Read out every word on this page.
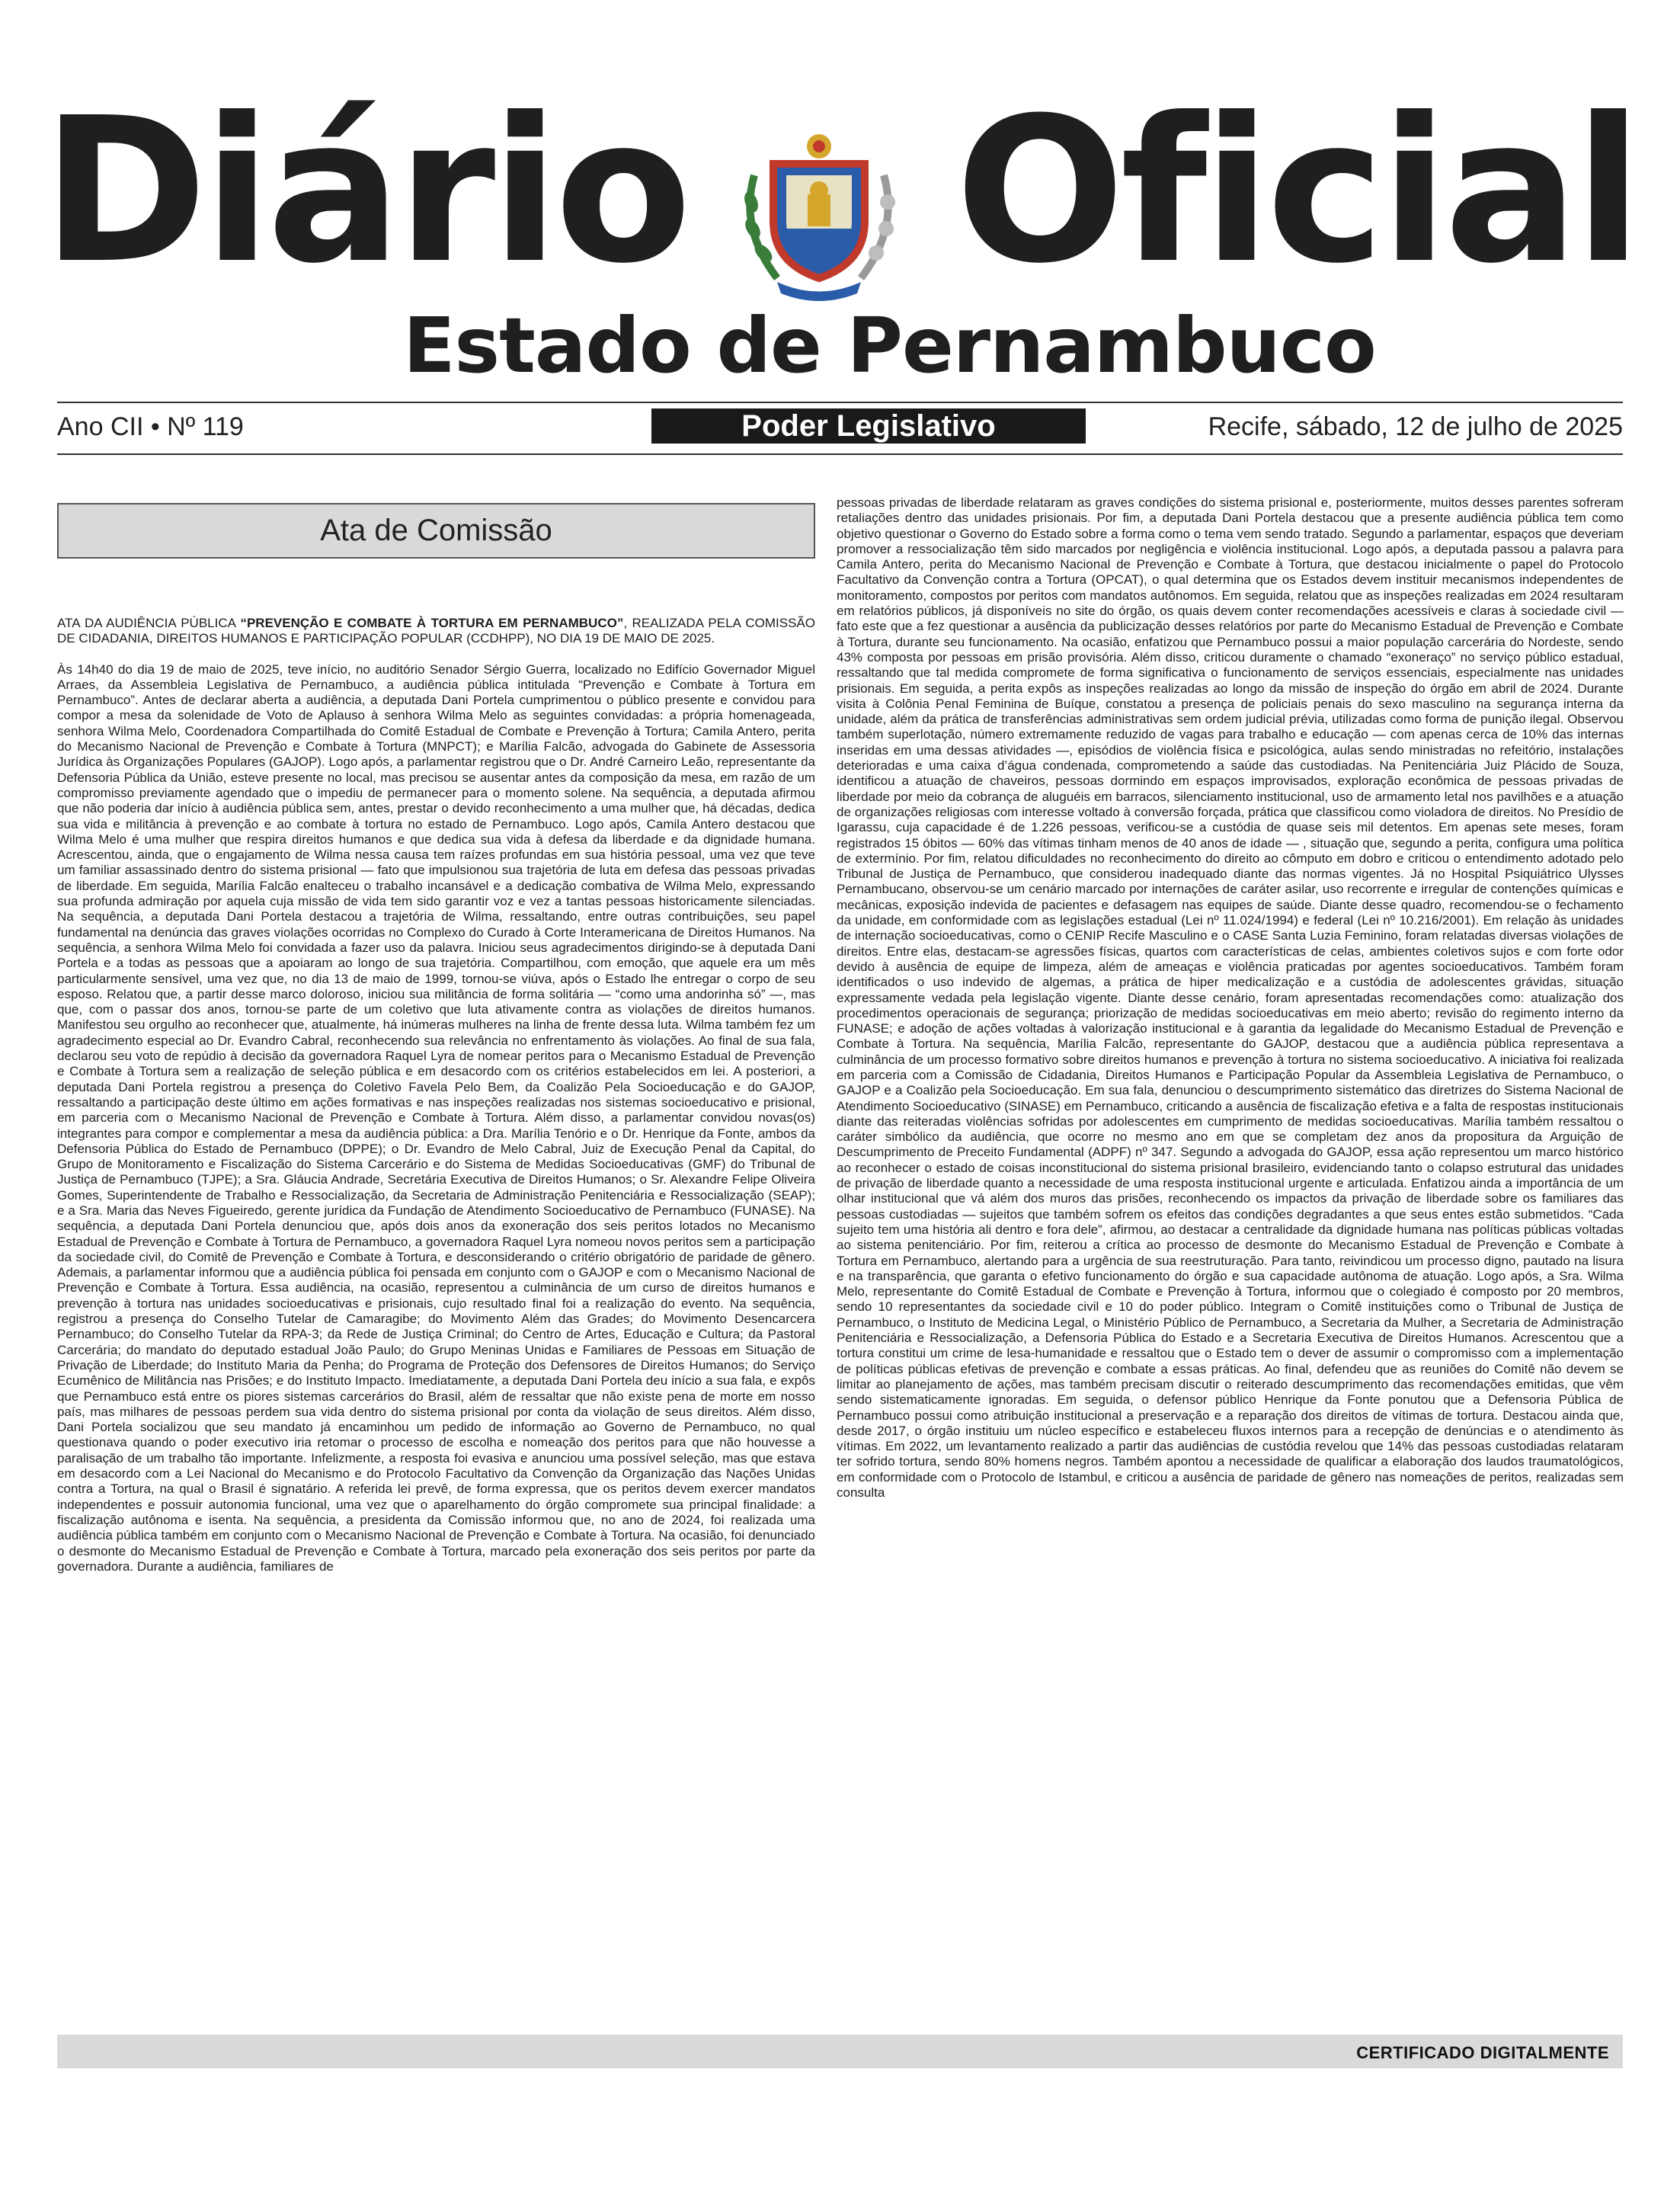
Diário Oficial
Estado de Pernambuco
Ano CII • Nº 119	Poder Legislativo	Recife, sábado, 12 de julho de 2025
Ata de Comissão

ATA DA AUDIÊNCIA PÚBLICA “PREVENÇÃO E COMBATE À TORTURA EM PERNAMBUCO”, REALIZADA PELA COMISSÃO DE CIDADANIA, DIREITOS HUMANOS E PARTICIPAÇÃO POPULAR (CCDHPP), NO DIA 19 DE MAIO DE 2025.

Às 14h40 do dia 19 de maio de 2025, teve início, no auditório Senador Sérgio Guerra, localizado no Edifício Governador Miguel Arraes, da Assembleia Legislativa de Pernambuco, a audiência pública intitulada “Prevenção e Combate à Tortura em Pernambuco”. Antes de declarar aberta a audiência, a deputada Dani Portela cumprimentou o público presente e convidou para compor a mesa da solenidade de Voto de Aplauso à senhora Wilma Melo as seguintes convidadas: a própria homenageada, senhora Wilma Melo, Coordenadora Compartilhada do Comitê Estadual de Combate e Prevenção à Tortura; Camila Antero, perita do Mecanismo Nacional de Prevenção e Combate à Tortura (MNPCT); e Marília Falcão, advogada do Gabinete de Assessoria Jurídica às Organizações Populares (GAJOP). Logo após, a parlamentar registrou que o Dr. André Carneiro Leão, representante da Defensoria Pública da União, esteve presente no local, mas precisou se ausentar antes da composição da mesa, em razão de um compromisso previamente agendado que o impediu de permanecer para o momento solene. Na sequência, a deputada afirmou que não poderia dar início à audiência pública sem, antes, prestar o devido reconhecimento a uma mulher que, há décadas, dedica sua vida e militância à prevenção e ao combate à tortura no estado de Pernambuco. Logo após, Camila Antero destacou que Wilma Melo é uma mulher que respira direitos humanos e que dedica sua vida à defesa da liberdade e da dignidade humana. Acrescentou, ainda, que o engajamento de Wilma nessa causa tem raízes profundas em sua história pessoal, uma vez que teve um familiar assassinado dentro do sistema prisional — fato que impulsionou sua trajetória de luta em defesa das pessoas privadas de liberdade. Em seguida, Marília Falcão enalteceu o trabalho incansável e a dedicação combativa de Wilma Melo, expressando sua profunda admiração por aquela cuja missão de vida tem sido garantir voz e vez a tantas pessoas historicamente silenciadas. Na sequência, a deputada Dani Portela destacou a trajetória de Wilma, ressaltando, entre outras contribuições, seu papel fundamental na denúncia das graves violações ocorridas no Complexo do Curado à Corte Interamericana de Direitos Humanos. Na sequência, a senhora Wilma Melo foi convidada a fazer uso da palavra. Iniciou seus agradecimentos dirigindo-se à deputada Dani Portela e a todas as pessoas que a apoiaram ao longo de sua trajetória. Compartilhou, com emoção, que aquele era um mês particularmente sensível, uma vez que, no dia 13 de maio de 1999, tornou-se viúva, após o Estado lhe entregar o corpo de seu esposo. Relatou que, a partir desse marco doloroso, iniciou sua militância de forma solitária — “como uma andorinha só” —, mas que, com o passar dos anos, tornou-se parte de um coletivo que luta ativamente contra as violações de direitos humanos. Manifestou seu orgulho ao reconhecer que, atualmente, há inúmeras mulheres na linha de frente dessa luta. Wilma também fez um agradecimento especial ao Dr. Evandro Cabral, reconhecendo sua relevância no enfrentamento às violações. Ao final de sua fala, declarou seu voto de repúdio à decisão da governadora Raquel Lyra de nomear peritos para o Mecanismo Estadual de Prevenção e Combate à Tortura sem a realização de seleção pública e em desacordo com os critérios estabelecidos em lei. A posteriori, a deputada Dani Portela registrou a presença do Coletivo Favela Pelo Bem, da Coalizão Pela Socioeducação e do GAJOP, ressaltando a participação deste último em ações formativas e nas inspeções realizadas nos sistemas socioeducativo e prisional, em parceria com o Mecanismo Nacional de Prevenção e Combate à Tortura. Além disso, a parlamentar convidou novas(os) integrantes para compor e complementar a mesa da audiência pública: a Dra. Marília Tenório e o Dr. Henrique da Fonte, ambos da Defensoria Pública do Estado de Pernambuco (DPPE); o Dr. Evandro de Melo Cabral, Juiz de Execução Penal da Capital, do Grupo de Monitoramento e Fiscalização do Sistema Carcerário e do Sistema de Medidas Socioeducativas (GMF) do Tribunal de Justiça de Pernambuco (TJPE); a Sra. Gláucia Andrade, Secretária Executiva de Direitos Humanos; o Sr. Alexandre Felipe Oliveira Gomes, Superintendente de Trabalho e Ressocialização, da Secretaria de Administração Penitenciária e Ressocialização (SEAP); e a Sra. Maria das Neves Figueiredo, gerente jurídica da Fundação de Atendimento Socioeducativo de Pernambuco (FUNASE). Na sequência, a deputada Dani Portela denunciou que, após dois anos da exoneração dos seis peritos lotados no Mecanismo Estadual de Prevenção e Combate à Tortura de Pernambuco, a governadora Raquel Lyra nomeou novos peritos sem a participação da sociedade civil, do Comitê de Prevenção e Combate à Tortura, e desconsiderando o critério obrigatório de paridade de gênero. Ademais, a parlamentar informou que a audiência pública foi pensada em conjunto com o GAJOP e com o Mecanismo Nacional de Prevenção e Combate à Tortura. Essa audiência, na ocasião, representou a culminância de um curso de direitos humanos e prevenção à tortura nas unidades socioeducativas e prisionais, cujo resultado final foi a realização do evento. Na sequência, registrou a presença do Conselho Tutelar de Camaragibe; do Movimento Além das Grades; do Movimento Desencarcera Pernambuco; do Conselho Tutelar da RPA-3; da Rede de Justiça Criminal; do Centro de Artes, Educação e Cultura; da Pastoral Carcerária; do mandato do deputado estadual João Paulo; do Grupo Meninas Unidas e Familiares de Pessoas em Situação de Privação de Liberdade; do Instituto Maria da Penha; do Programa de Proteção dos Defensores de Direitos Humanos; do Serviço Ecumênico de Militância nas Prisões; e do Instituto Impacto. Imediatamente, a deputada Dani Portela deu início a sua fala, e expôs que Pernambuco está entre os piores sistemas carcerários do Brasil, além de ressaltar que não existe pena de morte em nosso país, mas milhares de pessoas perdem sua vida dentro do sistema prisional por conta da violação de seus direitos. Além disso, Dani Portela socializou que seu mandato já encaminhou um pedido de informação ao Governo de Pernambuco, no qual questionava quando o poder executivo iria retomar o processo de escolha e nomeação dos peritos para que não houvesse a paralisação de um trabalho tão importante. Infelizmente, a resposta foi evasiva e anunciou uma possível seleção, mas que estava em desacordo com a Lei Nacional do Mecanismo e do Protocolo Facultativo da Convenção da Organização das Nações Unidas contra a Tortura, na qual o Brasil é signatário. A referida lei prevê, de forma expressa, que os peritos devem exercer mandatos independentes e possuir autonomia funcional, uma vez que o aparelhamento do órgão compromete sua principal finalidade: a fiscalização autônoma e isenta. Na sequência, a presidenta da Comissão informou que, no ano de 2024, foi realizada uma audiência pública também em conjunto com o Mecanismo Nacional de Prevenção e Combate à Tortura. Na ocasião, foi denunciado o desmonte do Mecanismo Estadual de Prevenção e Combate à Tortura, marcado pela exoneração dos seis peritos por parte da governadora. Durante a audiência, familiares de

pessoas privadas de liberdade relataram as graves condições do sistema prisional e, posteriormente, muitos desses parentes sofreram retaliações dentro das unidades prisionais. Por fim, a deputada Dani Portela destacou que a presente audiência pública tem como objetivo questionar o Governo do Estado sobre a forma como o tema vem sendo tratado. Segundo a parlamentar, espaços que deveriam promover a ressocialização têm sido marcados por negligência e violência institucional. Logo após, a deputada passou a palavra para Camila Antero, perita do Mecanismo Nacional de Prevenção e Combate à Tortura, que destacou inicialmente o papel do Protocolo Facultativo da Convenção contra a Tortura (OPCAT), o qual determina que os Estados devem instituir mecanismos independentes de monitoramento, compostos por peritos com mandatos autônomos. Em seguida, relatou que as inspeções realizadas em 2024 resultaram em relatórios públicos, já disponíveis no site do órgão, os quais devem conter recomendações acessíveis e claras à sociedade civil — fato este que a fez questionar a ausência da publicização desses relatórios por parte do Mecanismo Estadual de Prevenção e Combate à Tortura, durante seu funcionamento. Na ocasião, enfatizou que Pernambuco possui a maior população carcerária do Nordeste, sendo 43% composta por pessoas em prisão provisória. Além disso, criticou duramente o chamado “exoneraço” no serviço público estadual, ressaltando que tal medida compromete de forma significativa o funcionamento de serviços essenciais, especialmente nas unidades prisionais. Em seguida, a perita expôs as inspeções realizadas ao longo da missão de inspeção do órgão em abril de 2024. Durante visita à Colônia Penal Feminina de Buíque, constatou a presença de policiais penais do sexo masculino na segurança interna da unidade, além da prática de transferências administrativas sem ordem judicial prévia, utilizadas como forma de punição ilegal. Observou também superlotação, número extremamente reduzido de vagas para trabalho e educação — com apenas cerca de 10% das internas inseridas em uma dessas atividades —, episódios de violência física e psicológica, aulas sendo ministradas no refeitório, instalações deterioradas e uma caixa d’água condenada, comprometendo a saúde das custodiadas. Na Penitenciária Juiz Plácido de Souza, identificou a atuação de chaveiros, pessoas dormindo em espaços improvisados, exploração econômica de pessoas privadas de liberdade por meio da cobrança de aluguéis em barracos, silenciamento institucional, uso de armamento letal nos pavilhões e a atuação de organizações religiosas com interesse voltado à conversão forçada, prática que classificou como violadora de direitos. No Presídio de Igarassu, cuja capacidade é de 1.226 pessoas, verificou-se a custódia de quase seis mil detentos. Em apenas sete meses, foram registrados 15 óbitos — 60% das vítimas tinham menos de 40 anos de idade — , situação que, segundo a perita, configura uma política de extermínio. Por fim, relatou dificuldades no reconhecimento do direito ao cômputo em dobro e criticou o entendimento adotado pelo Tribunal de Justiça de Pernambuco, que considerou inadequado diante das normas vigentes. Já no Hospital Psiquiátrico Ulysses Pernambucano, observou-se um cenário marcado por internações de caráter asilar, uso recorrente e irregular de contenções químicas e mecânicas, exposição indevida de pacientes e defasagem nas equipes de saúde. Diante desse quadro, recomendou-se o fechamento da unidade, em conformidade com as legislações estadual (Lei nº 11.024/1994) e federal (Lei nº 10.216/2001). Em relação às unidades de internação socioeducativas, como o CENIP Recife Masculino e o CASE Santa Luzia Feminino, foram relatadas diversas violações de direitos. Entre elas, destacam-se agressões físicas, quartos com características de celas, ambientes coletivos sujos e com forte odor devido à ausência de equipe de limpeza, além de ameaças e violência praticadas por agentes socioeducativos. Também foram identificados o uso indevido de algemas, a prática de hiper medicalização e a custódia de adolescentes grávidas, situação expressamente vedada pela legislação vigente. Diante desse cenário, foram apresentadas recomendações como: atualização dos procedimentos operacionais de segurança; priorização de medidas socioeducativas em meio aberto; revisão do regimento interno da FUNASE; e adoção de ações voltadas à valorização institucional e à garantia da legalidade do Mecanismo Estadual de Prevenção e Combate à Tortura. Na sequência, Marília Falcão, representante do GAJOP, destacou que a audiência pública representava a culminância de um processo formativo sobre direitos humanos e prevenção à tortura no sistema socioeducativo. A iniciativa foi realizada em parceria com a Comissão de Cidadania, Direitos Humanos e Participação Popular da Assembleia Legislativa de Pernambuco, o GAJOP e a Coalizão pela Socioeducação. Em sua fala, denunciou o descumprimento sistemático das diretrizes do Sistema Nacional de Atendimento Socioeducativo (SINASE) em Pernambuco, criticando a ausência de fiscalização efetiva e a falta de respostas institucionais diante das reiteradas violências sofridas por adolescentes em cumprimento de medidas socioeducativas. Marília também ressaltou o caráter simbólico da audiência, que ocorre no mesmo ano em que se completam dez anos da propositura da Arguição de Descumprimento de Preceito Fundamental (ADPF) nº 347. Segundo a advogada do GAJOP, essa ação representou um marco histórico ao reconhecer o estado de coisas inconstitucional do sistema prisional brasileiro, evidenciando tanto o colapso estrutural das unidades de privação de liberdade quanto a necessidade de uma resposta institucional urgente e articulada. Enfatizou ainda a importância de um olhar institucional que vá além dos muros das prisões, reconhecendo os impactos da privação de liberdade sobre os familiares das pessoas custodiadas — sujeitos que também sofrem os efeitos das condições degradantes a que seus entes estão submetidos. “Cada sujeito tem uma história ali dentro e fora dele”, afirmou, ao destacar a centralidade da dignidade humana nas políticas públicas voltadas ao sistema penitenciário. Por fim, reiterou a crítica ao processo de desmonte do Mecanismo Estadual de Prevenção e Combate à Tortura em Pernambuco, alertando para a urgência de sua reestruturação. Para tanto, reivindicou um processo digno, pautado na lisura e na transparência, que garanta o efetivo funcionamento do órgão e sua capacidade autônoma de atuação. Logo após, a Sra. Wilma Melo, representante do Comitê Estadual de Combate e Prevenção à Tortura, informou que o colegiado é composto por 20 membros, sendo 10 representantes da sociedade civil e 10 do poder público. Integram o Comitê instituições como o Tribunal de Justiça de Pernambuco, o Instituto de Medicina Legal, o Ministério Público de Pernambuco, a Secretaria da Mulher, a Secretaria de Administração Penitenciária e Ressocialização, a Defensoria Pública do Estado e a Secretaria Executiva de Direitos Humanos. Acrescentou que a tortura constitui um crime de lesa-humanidade e ressaltou que o Estado tem o dever de assumir o compromisso com a implementação de políticas públicas efetivas de prevenção e combate a essas práticas. Ao final, defendeu que as reuniões do Comitê não devem se limitar ao planejamento de ações, mas também precisam discutir o reiterado descumprimento das recomendações emitidas, que vêm sendo sistematicamente ignoradas. Em seguida, o defensor público Henrique da Fonte ponutou que a Defensoria Pública de Pernambuco possui como atribuição institucional a preservação e a reparação dos direitos de vítimas de tortura. Destacou ainda que, desde 2017, o órgão instituiu um núcleo específico e estabeleceu fluxos internos para a recepção de denúncias e o atendimento às vítimas. Em 2022, um levantamento realizado a partir das audiências de custódia revelou que 14% das pessoas custodiadas relataram ter sofrido tortura, sendo 80% homens negros. Também apontou a necessidade de qualificar a elaboração dos laudos traumatológicos, em conformidade com o Protocolo de Istambul, e criticou a ausência de paridade de gênero nas nomeações de peritos, realizadas sem consulta

CERTIFICADO DIGITALMENTE
